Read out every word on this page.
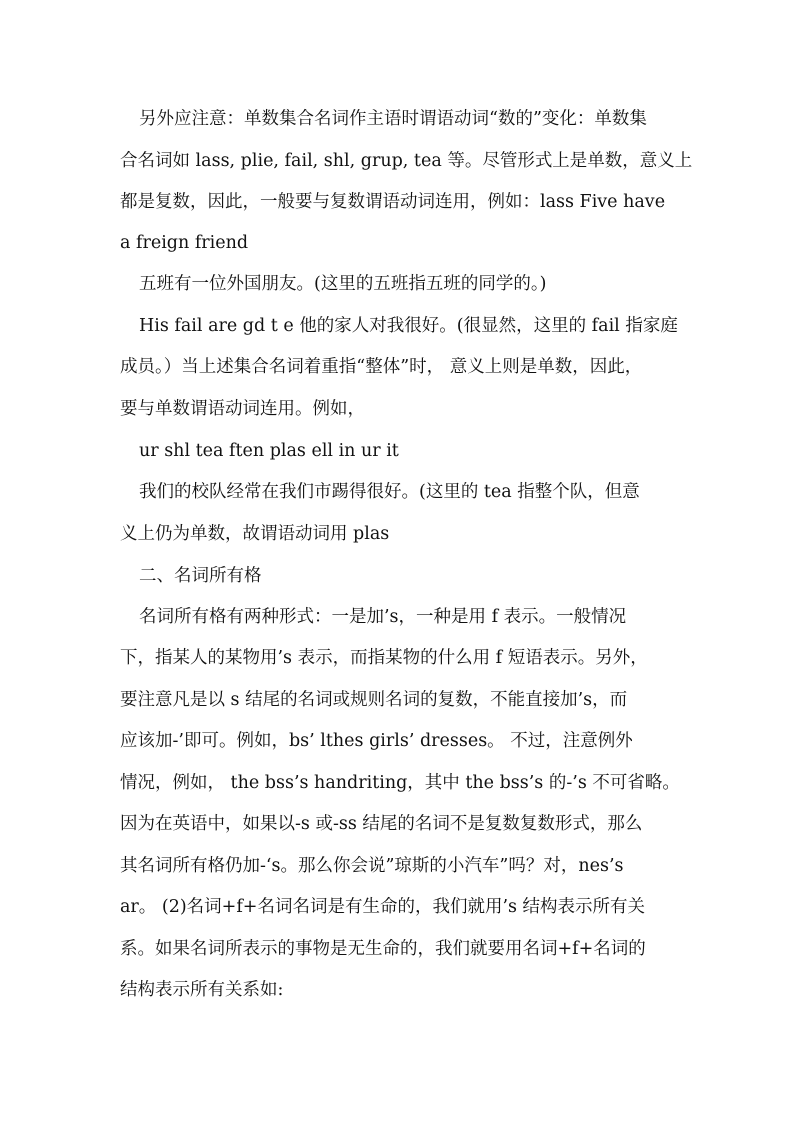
另外应注意：单数集合名词作主语时谓语动词“数的”变化：单数集

合名词如 lass, plie, fail, shl, grup, tea 等。尽管形式上是单数，意义上

都是复数，因此，一般要与复数谓语动词连用，例如：lass Five have

a freign friend

五班有一位外国朋友。(这里的五班指五班的同学的。)

His fail are gd t e 他的家人对我很好。(很显然，这里的 fail 指家庭

成员。）当上述集合名词着重指“整体”时， 意义上则是单数，因此，

要与单数谓语动词连用。例如，

ur shl tea ften plas ell in ur it

我们的校队经常在我们市踢得很好。(这里的 tea 指整个队，但意

义上仍为单数，故谓语动词用 plas

二、名词所有格

名词所有格有两种形式：一是加’s，一种是用 f 表示。一般情况

下，指某人的某物用’s 表示，而指某物的什么用 f 短语表示。另外，

要注意凡是以 s 结尾的名词或规则名词的复数，不能直接加’s，而

应该加-’即可。例如，bs’ lthes girls’ dresses。 不过，注意例外

情况，例如， the bss’s handriting，其中 the bss’s 的-’s 不可省略。

因为在英语中，如果以-s 或-ss 结尾的名词不是复数复数形式，那么

其名词所有格仍加-‘s。那么你会说”琼斯的小汽车”吗？对，nes’s

ar。 (2)名词+f+名词名词是有生命的，我们就用’s 结构表示所有关

系。如果名词所表示的事物是无生命的，我们就要用名词+f+名词的

结构表示所有关系如:
